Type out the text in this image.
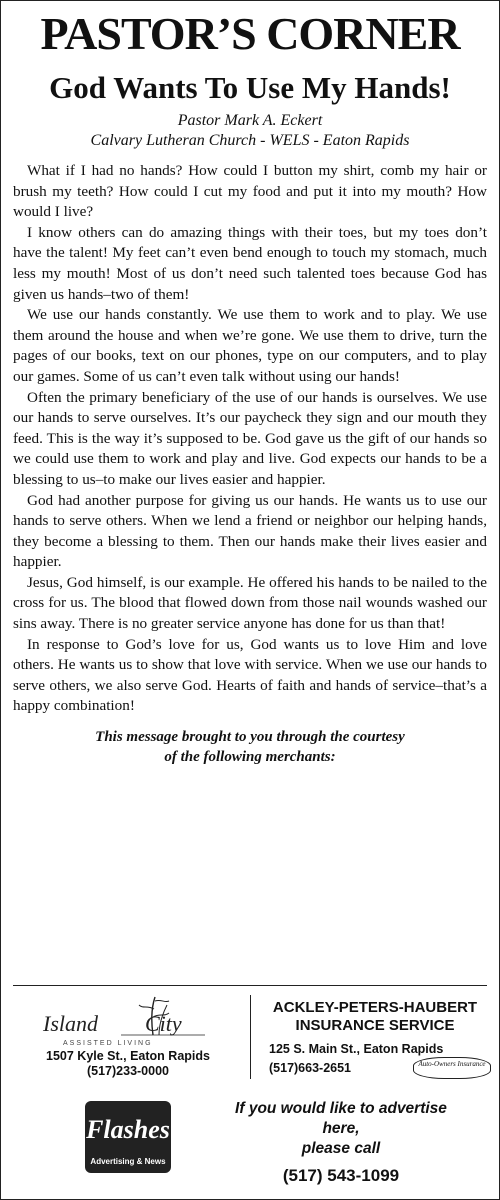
PASTOR’S CORNER
God Wants To Use My Hands!
Pastor Mark A. Eckert
Calvary Lutheran Church - WELS - Eaton Rapids

What if I had no hands? How could I button my shirt, comb my hair or brush my teeth? How could I cut my food and put it into my mouth? How would I live?

I know others can do amazing things with their toes, but my toes don’t have the talent! My feet can’t even bend enough to touch my stomach, much less my mouth! Most of us don’t need such talented toes because God has given us hands–two of them!

We use our hands constantly. We use them to work and to play. We use them around the house and when we’re gone. We use them to drive, turn the pages of our books, text on our phones, type on our computers, and to play our games. Some of us can’t even talk without using our hands!

Often the primary beneficiary of the use of our hands is ourselves. We use our hands to serve ourselves. It’s our paycheck they sign and our mouth they feed. This is the way it’s supposed to be. God gave us the gift of our hands so we could use them to work and play and live. God expects our hands to be a blessing to us–to make our lives easier and happier.

God had another purpose for giving us our hands. He wants us to use our hands to serve others. When we lend a friend or neighbor our helping hands, they become a blessing to them. Then our hands make their lives easier and happier.

Jesus, God himself, is our example. He offered his hands to be nailed to the cross for us. The blood that flowed down from those nail wounds washed our sins away. There is no greater service anyone has done for us than that!

In response to God’s love for us, God wants us to love Him and love others. He wants us to show that love with service. When we use our hands to serve others, we also serve God. Hearts of faith and hands of service–that’s a happy combination!

This message brought to you through the courtesy
of the following merchants:
Island City
ASSISTED LIVING
1507 Kyle St., Eaton Rapids
(517)233-0000
ACKLEY-PETERS-HAUBERT
INSURANCE SERVICE
125 S. Main St., Eaton Rapids
(517)663-2651	Auto-Owners Insurance
Flashes
Advertising & News
If you would like to advertise here,
please call
(517) 543-1099
